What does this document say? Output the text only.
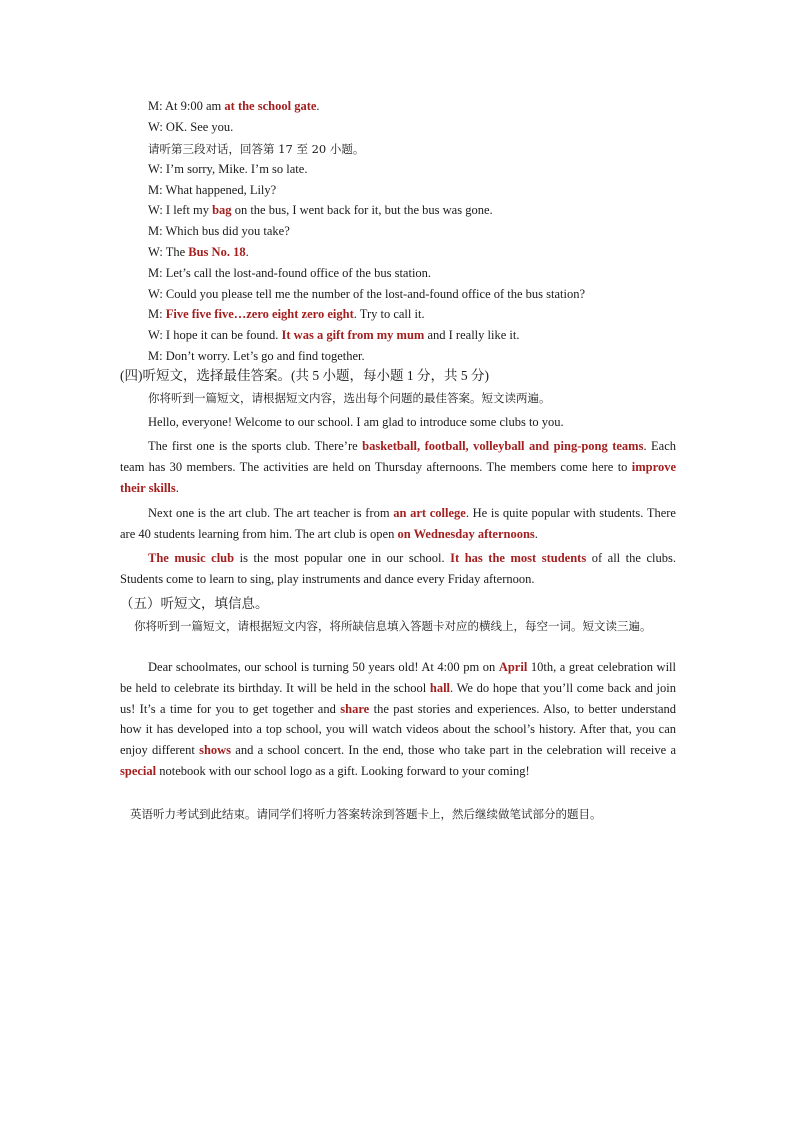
M: At 9:00 am at the school gate.
W: OK. See you.
请听第三段对话，回答第 17 至 20 小题。
W: I’m sorry, Mike. I’m so late.
M: What happened, Lily?
W: I left my bag on the bus, I went back for it, but the bus was gone.
M: Which bus did you take?
W: The Bus No. 18.
M: Let’s call the lost-and-found office of the bus station.
W: Could you please tell me the number of the lost-and-found office of the bus station?
M: Five five five…zero eight zero eight. Try to call it.
W: I hope it can be found. It was a gift from my mum and I really like it.
M: Don’t worry. Let’s go and find together.
(四)听短文，选择最佳答案。(共 5 小题，每小题 1 分，共 5 分)
你将听到一篇短文，请根据短文内容，选出每个问题的最佳答案。短文读两遍。
Hello, everyone! Welcome to our school. I am glad to introduce some clubs to you.
The first one is the sports club. There’re basketball, football, volleyball and ping-pong teams. Each team has 30 members. The activities are held on Thursday afternoons. The members come here to improve their skills.
Next one is the art club. The art teacher is from an art college. He is quite popular with students. There are 40 students learning from him. The art club is open on Wednesday afternoons.
The music club is the most popular one in our school. It has the most students of all the clubs. Students come to learn to sing, play instruments and dance every Friday afternoon.
（五）听短文，填信息。
你将听到一篇短文，请根据短文内容，将所缺信息填入答题卡对应的横线上，每空一词。短文读三遍。
Dear schoolmates, our school is turning 50 years old! At 4:00 pm on April 10th, a great celebration will be held to celebrate its birthday. It will be held in the school hall. We do hope that you’ll come back and join us! It’s a time for you to get together and share the past stories and experiences. Also, to better understand how it has developed into a top school, you will watch videos about the school’s history. After that, you can enjoy different shows and a school concert. In the end, those who take part in the celebration will receive a special notebook with our school logo as a gift. Looking forward to your coming!
英语听力考试到此结束。请同学们将听力答案转涂到答题卡上，然后继续做笔试部分的题目。
